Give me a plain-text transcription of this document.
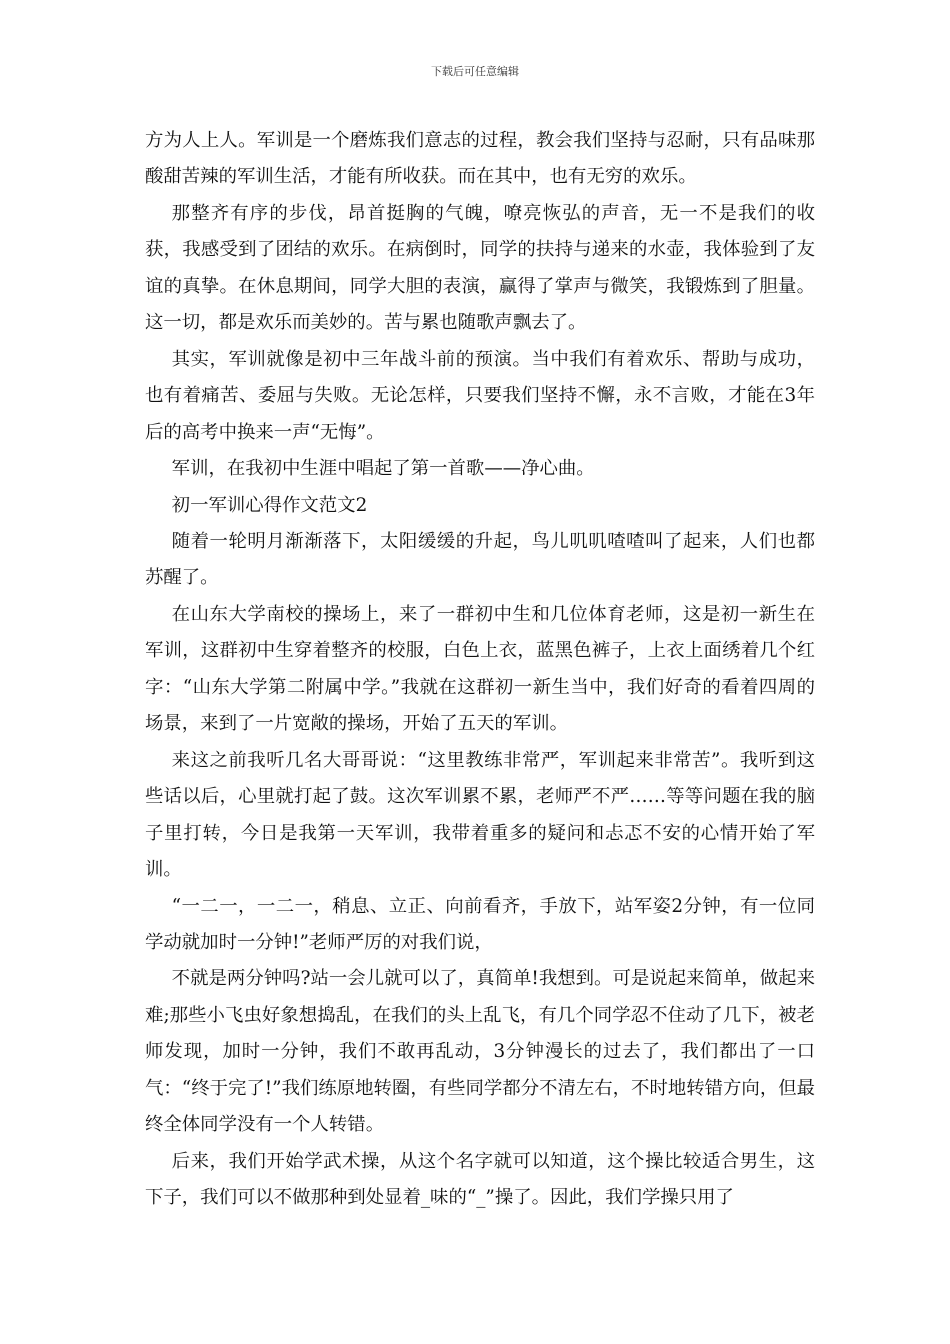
下载后可任意编辑

方为人上人。军训是一个磨炼我们意志的过程，教会我们坚持与忍耐，只有品味那酸甜苦辣的军训生活，才能有所收获。而在其中，也有无穷的欢乐。

那整齐有序的步伐，昂首挺胸的气魄，嘹亮恢弘的声音，无一不是我们的收获，我感受到了团结的欢乐。在病倒时，同学的扶持与递来的水壶，我体验到了友谊的真挚。在休息期间，同学大胆的表演，赢得了掌声与微笑，我锻炼到了胆量。这一切，都是欢乐而美妙的。苦与累也随歌声飘去了。

其实，军训就像是初中三年战斗前的预演。当中我们有着欢乐、帮助与成功，也有着痛苦、委屈与失败。无论怎样，只要我们坚持不懈，永不言败，才能在3年后的高考中换来一声“无悔”。

军训，在我初中生涯中唱起了第一首歌——净心曲。

初一军训心得作文范文2

随着一轮明月渐渐落下，太阳缓缓的升起，鸟儿叽叽喳喳叫了起来，人们也都苏醒了。

在山东大学南校的操场上，来了一群初中生和几位体育老师，这是初一新生在军训，这群初中生穿着整齐的校服，白色上衣，蓝黑色裤子，上衣上面绣着几个红字：“山东大学第二附属中学。”我就在这群初一新生当中，我们好奇的看着四周的场景，来到了一片宽敞的操场，开始了五天的军训。

来这之前我听几名大哥哥说：“这里教练非常严，军训起来非常苦”。我听到这些话以后，心里就打起了鼓。这次军训累不累，老师严不严……等等问题在我的脑子里打转，今日是我第一天军训，我带着重多的疑问和忐忑不安的心情开始了军训。

“一二一，一二一，稍息、立正、向前看齐，手放下，站军姿2分钟，有一位同学动就加时一分钟!”老师严厉的对我们说，

不就是两分钟吗?站一会儿就可以了，真简单!我想到。可是说起来简单，做起来难;那些小飞虫好象想捣乱，在我们的头上乱飞，有几个同学忍不住动了几下，被老师发现，加时一分钟，我们不敢再乱动，3分钟漫长的过去了，我们都出了一口气：“终于完了!”我们练原地转圈，有些同学都分不清左右，不时地转错方向，但最终全体同学没有一个人转错。

后来，我们开始学武术操，从这个名字就可以知道，这个操比较适合男生，这下子，我们可以不做那种到处显着_味的“_”操了。因此，我们学操只用了
